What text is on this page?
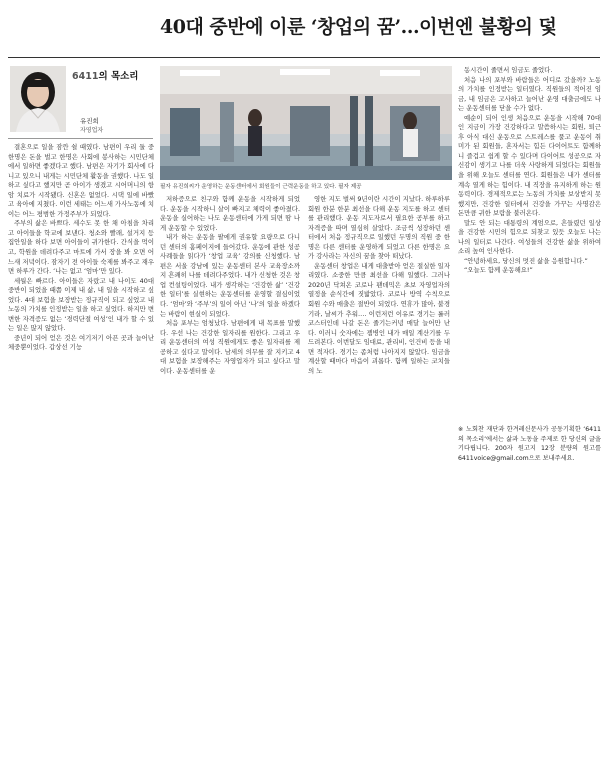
40대 중반에 이룬 ‘창업의 꿈’…이번엔 불황의 덫
6411의 목소리
유진희
자영업자
필자 유진희씨가 운영하는 운동센터에서 회원들이 근력운동을 하고 있다. 필자 제공

결혼으로 일을 잠깐 쉴 때였다. 남편이 우리 둘 중 한명은 돈을 벌고 한명은 사회에 봉사하는 시민단체에서 일하면 좋겠다고 했다. 남편은 자기가 회사에 다니고 있으니 내게는 시민단체 활동을 권했다. 나도 일하고 싶다고 했지만 곧 아이가 생겼고 시어머니의 항암 치료가 시작됐다. 신혼은 없었다. 시댁 일에 바빴고 육아에 지쳤다. 이런 세태는 어느새 가사노동에 치이는 어느 평범한 가정주부가 되었다.

주부의 삶은 바쁘다. 세수도 못 한 채 아침을 차리고 아이들을 학교에 보낸다. 청소와 빨래, 설거지 등 집안일을 하다 보면 아이들이 귀가한다. 간식을 먹이고, 학원을 데려다주고 마트에 가서 장을 봐 오면 어느새 저녁이다. 잠자기 전 아이들 숙제를 봐주고 재우면 하루가 간다. ‘나는 없고 ‘엄마’만 있다.

세월은 빠르다. 아이들은 자랐고 내 나이도 40대 중반이 되었을 때쯤 이제 내 삶, 내 일을 시작하고 싶었다. 4대 보험을 보장받는 정규직이 되고 싶었고 내 노동의 가치를 인정받는 일을 하고 싶었다. 하지만 변변한 자격증도 없는 ‘경력단절 여성’인 내가 할 수 있는 일은 많지 않았다.

중년이 되어 얻은 것은 여기저기 아픈 곳과 늘어난 체중뿐이었다. 갑상선 기능

저하증으로 친구와 함께 운동을 시작하게 되었다. 운동을 시작하니 살이 빠지고 체력이 좋아졌다. 운동을 실어하는 나도 운동센터에 가게 되면 땀 나게 운동할 수 있었다.

내가 하는 운동을 팔에게 권유할 요량으로 다니던 센터의 홈페이지에 들어갔다. 운동에 관한 성공 사례들을 읽다가 ‘창업 교육’ 강의를 신청했다. 남편은 서울 강남에 있는 운동센터 본사 교육장소까지 흔쾌히 나를 데려다주었다. 내가 신청한 것은 창업 컨설팅이었다. 내가 생각하는 ‘건강한 삶’ ‘건강한 일터’를 실현하는 운동센터를 운영할 결심이었다. ‘엄마’와 ‘주부’의 일이 아닌 ‘나’의 일을 하겠다는 바람이 현실이 되었다.

처음 포부는 엄청났다. 남편에게 내 목표를 말했다. 우선 나는 건강한 일자리를 원한다. 그리고 우리 운동센터의 여성 직원에게도 좋은 일자리를 제공하고 싶다고 말이다. 남세의 의무를 잘 지키고 4대 보험을 보장해주는 자영업자가 되고 싶다고 말이다. 운동센터를 운

영한 지도 벌써 9년이란 시간이 지났다. 하루하루 회원 한분 한분 최선을 다해 운동 지도를 하고 센터를 관리했다. 운동 지도자로서 필요한 공부를 하고 자격증을 따며 열심히 살았다. 조금씩 성장하던 센터에서 처음 정규직으로 일했던 두명의 직원 중 한명은 다른 센터를 운영하게 되었고 다른 한명은 요가 강사라는 자신의 꿈을 찾아 떠났다.

운동센터 창업은 내게 대출받아 얻은 절실한 일자리였다. 소중한 만큼 최선을 다해 일했다. 그러나 2020년 닥쳐온 코로나 팬데믹은 초보 자영업자의 열정을 순식간에 짓밟았다. 코로나 방역 수칙으로 회원 수와 매출은 절반이 되었다. 연휴가 많아, 불경기라, 날씨가 추워…. 이런저런 이유로 경기는 롤러코스터인데 나갈 돈은 줄기는커녕 매달 늘어만 난다. 이러니 숫자에는 젬병인 내가 매일 계산기를 두드려본다. 이번달도 임대료, 관리비, 인건비 등을 내면 적자다. 경기는 좀처럼 나아지지 않았다. 임금을 계산할 때마다 마음이 괴롭다. 함께 일하는 코치들의 노

동시간이 줄면서 임금도 줄었다.

처음 나의 포부와 바람들은 어디로 갔을까? 노동의 가치를 인정받는 일터였다. 직원들의 적어진 임금, 내 임금은 고사하고 늘어난 운영 대출금에도 나는 운동센터를 닫을 수가 없다.

예순이 되어 인생 처음으로 운동을 시작해 70대인 지금이 가장 건강하다고 말씀하시는 회원, 퇴근 후 아식 대신 운동으로 스트레스를 풀고 운동이 취미가 된 회원들, 혼자서는 힘든 다이어트도 함께하니 즐겁고 쉽게 할 수 있다며 다이어트 성공으로 자신감이 생기고 나를 더욱 사랑하게 되었다는 회원들을 위해 오늘도 센터를 연다. 회원들은 내가 센터를 계속 열게 하는 힘이다. 내 직장을 유지하게 하는 원동력이다. 경제적으로는 노동의 가치를 보상받지 못했지만, 건강한 일터에서 건강을 가꾸는 사명감은 돈만큼 귀한 보람을 불러온다.

말도 안 되는 대통령의 계엄으로, 흔들렸던 일상을 건강한 시민의 힘으로 되찾고 있듯 오늘도 나는 나의 일터로 나간다. 여성들의 건강한 삶을 위하여 소리 높여 인사한다.

“안녕하세요, 당신의 멋진 삶을 응원합니다.”

“오늘도 함께 운동해요!”

※ 노회찬 재단과 한겨레신문사가 공동기획한 ‘6411의 목소리’에서는 삶과 노동을 주제로 한 당신의 글을 기다립니다. 200자 원고지 12장 분량의 원고를 6411voice@gmail.com으로 보내주세요.
